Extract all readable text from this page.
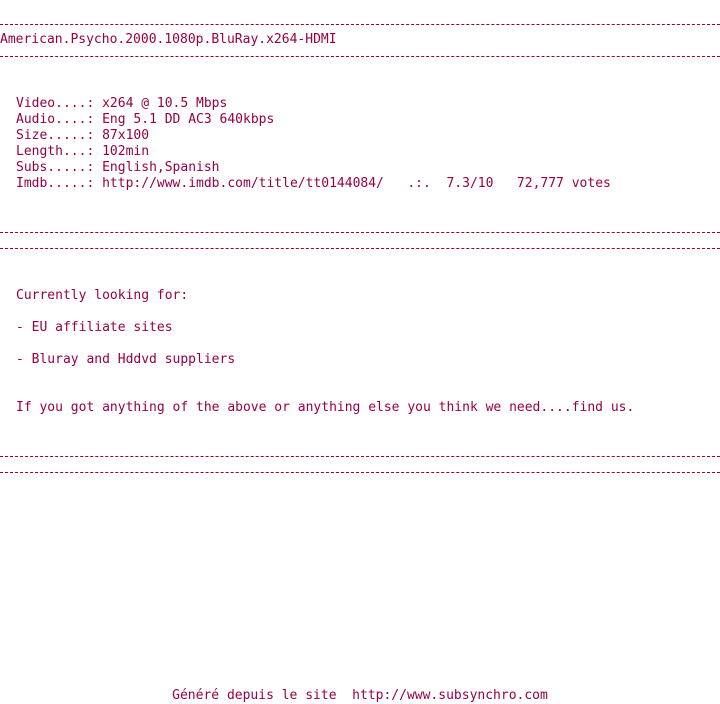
American.Psycho.2000.1080p.BluRay.x264-HDMI
Video....: x264 @ 10.5 Mbps
Audio....: Eng 5.1 DD AC3 640kbps
Size.....: 87x100
Length...: 102min
Subs.....: English,Spanish
Imdb.....: http://www.imdb.com/title/tt0144084/   .:.  7.3/10   72,777 votes
Currently looking for:
- EU affiliate sites
- Bluray and Hddvd suppliers
If you got anything of the above or anything else you think we need....find us.
Généré depuis le site  http://www.subsynchro.com
